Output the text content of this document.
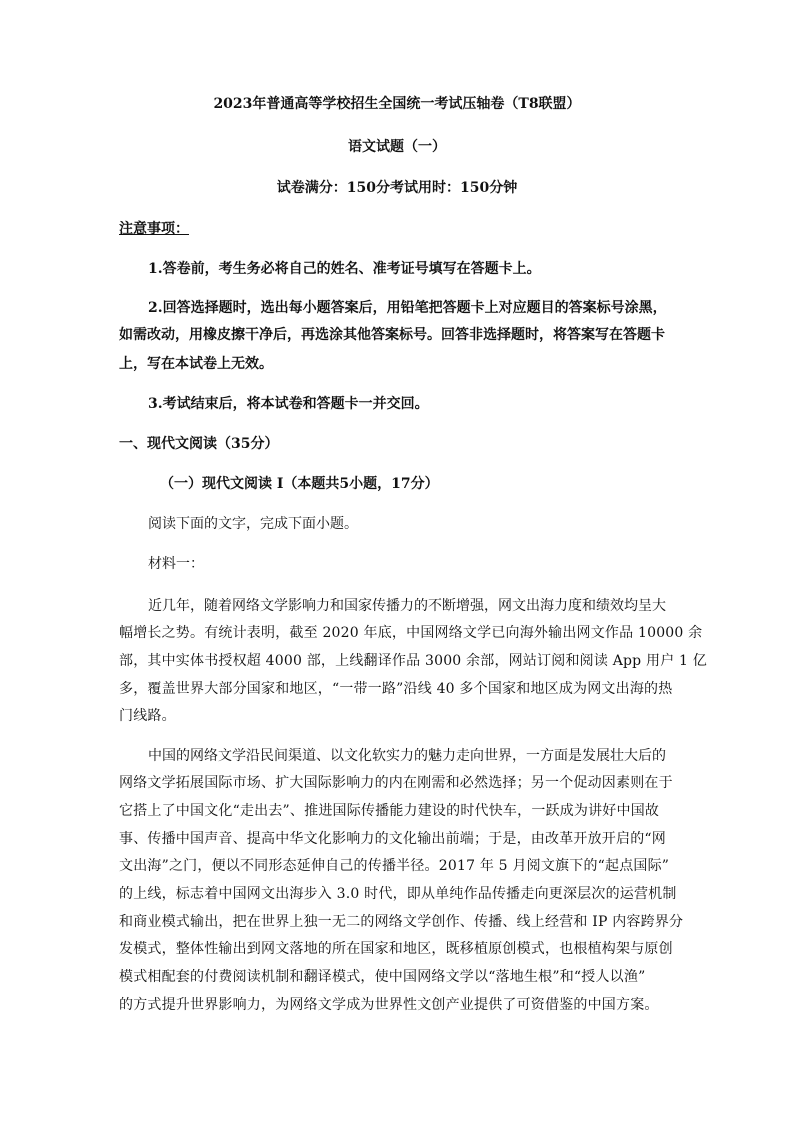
2023年普通高等学校招生全国统一考试压轴卷（T8联盟）
语文试题（一）
试卷满分：150分考试用时：150分钟
注意事项：
1.答卷前，考生务必将自己的姓名、准考证号填写在答题卡上。
2.回答选择题时，选出每小题答案后，用铅笔把答题卡上对应题目的答案标号涂黑，
如需改动，用橡皮擦干净后，再选涂其他答案标号。回答非选择题时，将答案写在答题卡
上，写在本试卷上无效。
3.考试结束后，将本试卷和答题卡一并交回。
一、现代文阅读（35分）
（一）现代文阅读 I（本题共5小题，17分）
阅读下面的文字，完成下面小题。
材料一：
近几年，随着网络文学影响力和国家传播力的不断增强，网文出海力度和绩效均呈大
幅增长之势。有统计表明，截至 2020 年底，中国网络文学已向海外输出网文作品 10000 余
部，其中实体书授权超 4000 部，上线翻译作品 3000 余部，网站订阅和阅读 App 用户 1 亿
多，覆盖世界大部分国家和地区，“一带一路”沿线 40 多个国家和地区成为网文出海的热
门线路。
中国的网络文学沿民间渠道、以文化软实力的魅力走向世界，一方面是发展壮大后的
网络文学拓展国际市场、扩大国际影响力的内在刚需和必然选择；另一个促动因素则在于
它搭上了中国文化“走出去”、推进国际传播能力建设的时代快车，一跃成为讲好中国故
事、传播中国声音、提高中华文化影响力的文化输出前端；于是，由改革开放开启的“网
文出海”之门，便以不同形态延伸自己的传播半径。2017 年 5 月阅文旗下的“起点国际”
的上线，标志着中国网文出海步入 3.0 时代，即从单纯作品传播走向更深层次的运营机制
和商业模式输出，把在世界上独一无二的网络文学创作、传播、线上经营和 IP 内容跨界分
发模式，整体性输出到网文落地的所在国家和地区，既移植原创模式，也根植构架与原创
模式相配套的付费阅读机制和翻译模式，使中国网络文学以“落地生根”和“授人以渔”
的方式提升世界影响力，为网络文学成为世界性文创产业提供了可资借鉴的中国方案。
